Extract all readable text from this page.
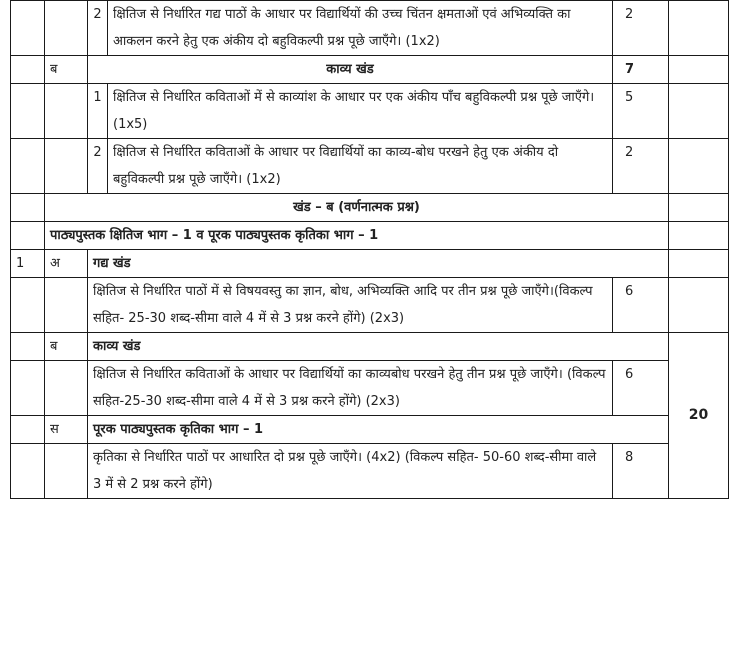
		2	क्षितिज से निर्धारित गद्य पाठों के आधार पर विद्यार्थियों की उच्च चिंतन क्षमताओं एवं अभिव्यक्ति का आकलन करने हेतु एक अंकीय दो बहुविकल्पी प्रश्न पूछे जाएँगे। (1x2)	2	
	ब	काव्य खंड		7	
		1	क्षितिज से निर्धारित कविताओं में से काव्यांश के आधार पर एक अंकीय पाँच बहुविकल्पी प्रश्न पूछे जाएँगे। (1x5)	5	
		2	क्षितिज से निर्धारित कविताओं के आधार पर विद्यार्थियों का काव्य-बोध परखने हेतु एक अंकीय दो बहुविकल्पी प्रश्न पूछे जाएँगे। (1x2)	2	
	खंड – ब (वर्णनात्मक प्रश्न)				
	पाठ्यपुस्तक क्षितिज भाग – 1 व पूरक पाठ्यपुस्तक कृतिका भाग – 1				
1	अ	गद्य खंड			
		क्षितिज से निर्धारित पाठों में से विषयवस्तु का ज्ञान, बोध, अभिव्यक्ति आदि पर तीन प्रश्न पूछे जाएँगे।(विकल्प सहित- 25-30 शब्द-सीमा वाले 4 में से 3 प्रश्न करने होंगे) (2x3)		6	
	ब	काव्य खंड			20
		क्षितिज से निर्धारित कविताओं के आधार पर विद्यार्थियों का काव्यबोध परखने हेतु तीन प्रश्न पूछे जाएँगे। (विकल्प सहित-25-30 शब्द-सीमा वाले 4 में से 3 प्रश्न करने होंगे) (2x3)		6	
	स	पूरक पाठ्यपुस्तक कृतिका भाग – 1			
		कृतिका से निर्धारित पाठों पर आधारित दो प्रश्न पूछे जाएँगे। (4x2) (विकल्प सहित- 50-60 शब्द-सीमा वाले 3 में से 2 प्रश्न करने होंगे)		8	
